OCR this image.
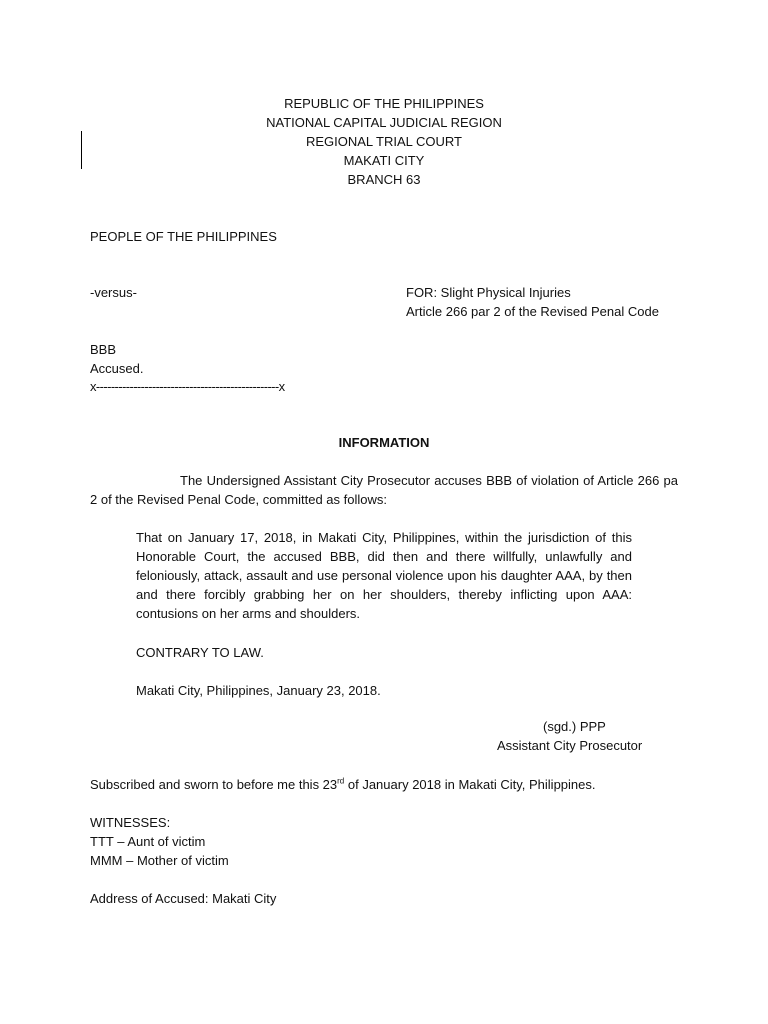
REPUBLIC OF THE PHILIPPINES
NATIONAL CAPITAL JUDICIAL REGION
REGIONAL TRIAL COURT
MAKATI CITY
BRANCH 63
PEOPLE OF THE PHILIPPINES
-versus-	FOR: Slight Physical Injuries
Article 266 par 2 of the Revised Penal Code
BBB
Accused.
x-------------------------------------------------x
INFORMATION
The Undersigned Assistant City Prosecutor accuses BBB of violation of Article 266 pa 2 of the Revised Penal Code, committed as follows:
That on January 17, 2018, in Makati City, Philippines, within the jurisdiction of this Honorable Court, the accused BBB, did then and there willfully, unlawfully and feloniously, attack, assault and use personal violence upon his daughter AAA, by then and there forcibly grabbing her on her shoulders, thereby inflicting upon AAA: contusions on her arms and shoulders.
CONTRARY TO LAW.
Makati City, Philippines, January 23, 2018.
(sgd.) PPP
Assistant City Prosecutor
Subscribed and sworn to before me this 23rd of January 2018 in Makati City, Philippines.
WITNESSES:
TTT – Aunt of victim
MMM – Mother of victim
Address of Accused: Makati City
